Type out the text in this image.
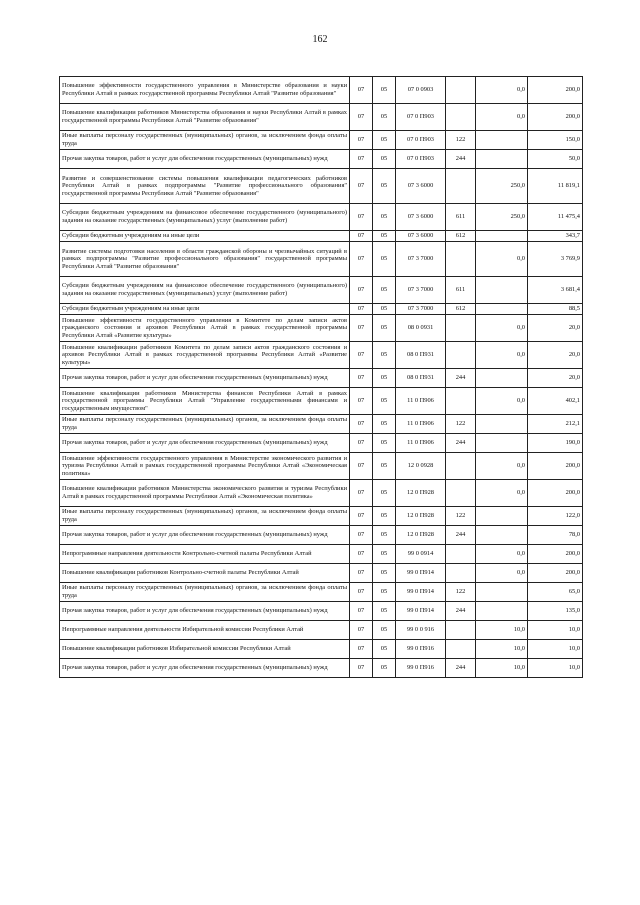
162
Повышение эффективности государственного управления в Министерстве образования и науки Республики Алтай в рамках государственной программы Республики Алтай "Развитие образования"	07	05	07 0 0903		0,0	200,0
Повышение квалификации работников Министерства образования и науки Республики Алтай в рамках государственной программы Республики Алтай "Развитие образования"	07	05	07 0 П903		0,0	200,0
Иные выплаты персоналу государственных (муниципальных) органов, за исключением фонда оплаты труда	07	05	07 0 П903	122		150,0
Прочая закупка товаров, работ и услуг для обеспечения государственных (муниципальных) нужд	07	05	07 0 П903	244		50,0
Развитие и совершенствование системы повышения квалификации педагогических работников Республики Алтай в рамках подпрограммы "Развитие профессионального образования" государственной программы Республики Алтай "Развитие образования"	07	05	07 3 6000		250,0	11 819,1
Субсидии бюджетным учреждениям на финансовое обеспечение государственного (муниципального) задания на оказание государственных (муниципальных) услуг (выполнение работ)	07	05	07 3 6000	611	250,0	11 475,4
Субсидии бюджетным учреждениям на иные цели	07	05	07 3 6000	612		343,7
Развитие системы подготовки населения в области гражданской обороны и чрезвычайных ситуаций в рамках подпрограммы "Развитие профессионального образования" государственной программы Республики Алтай "Развитие образования"	07	05	07 3 7000		0,0	3 769,9
Субсидии бюджетным учреждениям на финансовое обеспечение государственного (муниципального) задания на оказание государственных (муниципальных) услуг (выполнение работ)	07	05	07 3 7000	611		3 681,4
Субсидии бюджетным учреждениям на иные цели	07	05	07 3 7000	612		88,5
Повышение эффективности государственного управления в Комитете по делам записи актов гражданского состояния и архивов Республики Алтай в рамках государственной программы Республики Алтай «Развитие культуры»	07	05	08 0 0931		0,0	20,0
Повышение квалификации работников Комитета по делам записи актов гражданского состояния и архивов Республики Алтай в рамках государственной программы Республики Алтай «Развитие культуры»	07	05	08 0 П931		0,0	20,0
Прочая закупка товаров, работ и услуг для обеспечения государственных (муниципальных) нужд	07	05	08 0 П931	244		20,0
Повышение квалификации работников Министерства финансов Республики Алтай в рамках государственной программы Республики Алтай "Управление государственными финансами и государственным имуществом"	07	05	11 0 П906		0,0	402,1
Иные выплаты персоналу государственных (муниципальных) органов, за исключением фонда оплаты труда	07	05	11 0 П906	122		212,1
Прочая закупка товаров, работ и услуг для обеспечения государственных (муниципальных) нужд	07	05	11 0 П906	244		190,0
Повышение эффективности государственного управления в Министерстве экономического развития и туризма Республики Алтай в рамках государственной программы Республики Алтай «Экономическая политика»	07	05	12 0 0928		0,0	200,0
Повышение квалификации работников Министерства экономического развития и туризма Республики Алтай в рамках государственной программы Республики Алтай «Экономическая политика»	07	05	12 0 П928		0,0	200,0
Иные выплаты персоналу государственных (муниципальных) органов, за исключением фонда оплаты труда	07	05	12 0 П928	122		122,0
Прочая закупка товаров, работ и услуг для обеспечения государственных (муниципальных) нужд	07	05	12 0 П928	244		78,0
Непрограммные направления деятельности Контрольно-счетной палаты Республики Алтай	07	05	99 0 0914		0,0	200,0
Повышение квалификации работников Контрольно-счетной палаты Республики Алтай	07	05	99 0 П914		0,0	200,0
Иные выплаты персоналу государственных (муниципальных) органов, за исключением фонда оплаты труда	07	05	99 0 П914	122		65,0
Прочая закупка товаров, работ и услуг для обеспечения государственных (муниципальных) нужд	07	05	99 0 П914	244		135,0
Непрограммные направления деятельности Избирательной комиссии Республики Алтай	07	05	99 0 0 916		10,0	10,0
Повышение квалификации работников Избирательной комиссии Республики Алтай	07	05	99 0 П916		10,0	10,0
Прочая закупка товаров, работ и услуг для обеспечения государственных (муниципальных) нужд	07	05	99 0 П916	244	10,0	10,0
